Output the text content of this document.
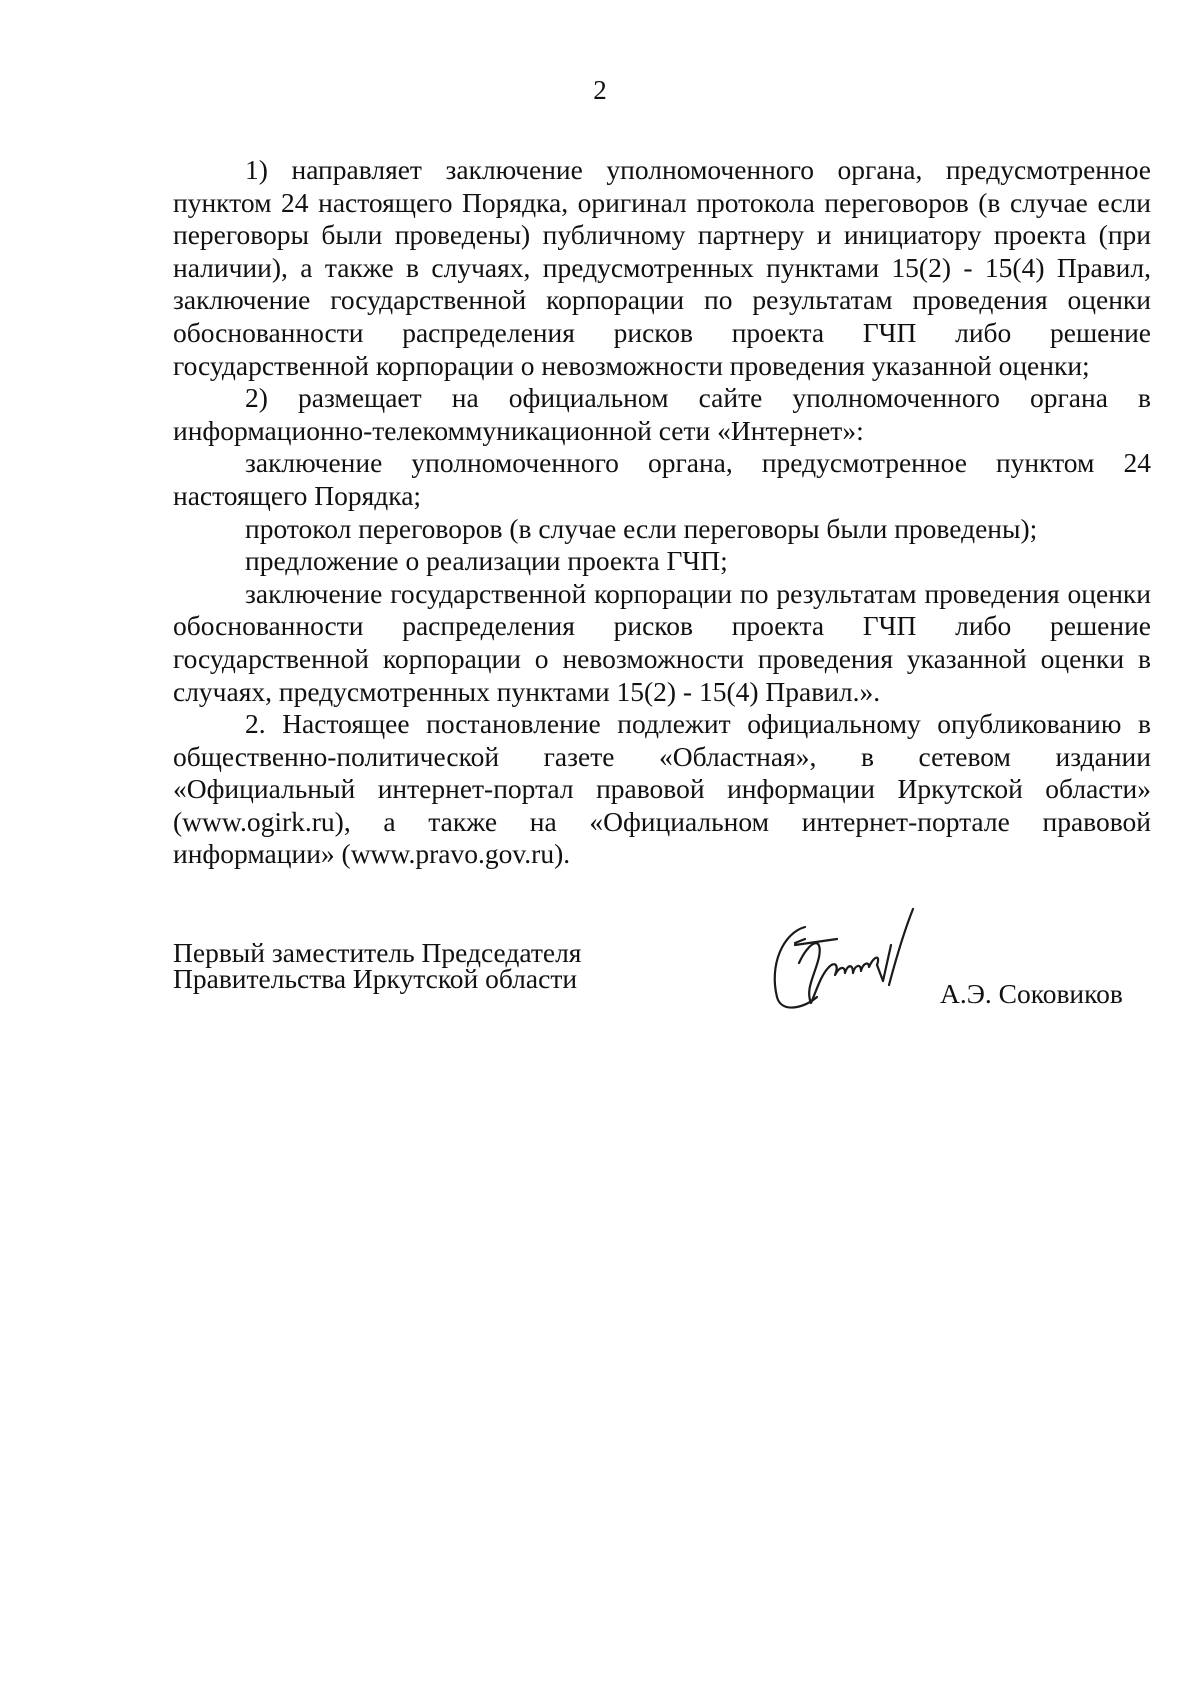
2

1) направляет заключение уполномоченного органа, предусмотренное пунктом 24 настоящего Порядка, оригинал протокола переговоров (в случае если переговоры были проведены) публичному партнеру и инициатору проекта (при наличии), а также в случаях, предусмотренных пунктами 15(2) - 15(4) Правил, заключение государственной корпорации по результатам проведения оценки обоснованности распределения рисков проекта ГЧП либо решение государственной корпорации о невозможности проведения указанной оценки;

2) размещает на официальном сайте уполномоченного органа в информационно-телекоммуникационной сети «Интернет»:

заключение уполномоченного органа, предусмотренное пунктом 24 настоящего Порядка;

протокол переговоров (в случае если переговоры были проведены);

предложение о реализации проекта ГЧП;

заключение государственной корпорации по результатам проведения оценки обоснованности распределения рисков проекта ГЧП либо решение государственной корпорации о невозможности проведения указанной оценки в случаях, предусмотренных пунктами 15(2) - 15(4) Правил.».

2. Настоящее постановление подлежит официальному опубликованию в общественно-политической газете «Областная», в сетевом издании «Официальный интернет-портал правовой информации Иркутской области» (www.ogirk.ru), а также на «Официальном интернет-портале правовой информации» (www.pravo.gov.ru).

Первый заместитель Председателя
Правительства Иркутской области	А.Э. Соковиков
